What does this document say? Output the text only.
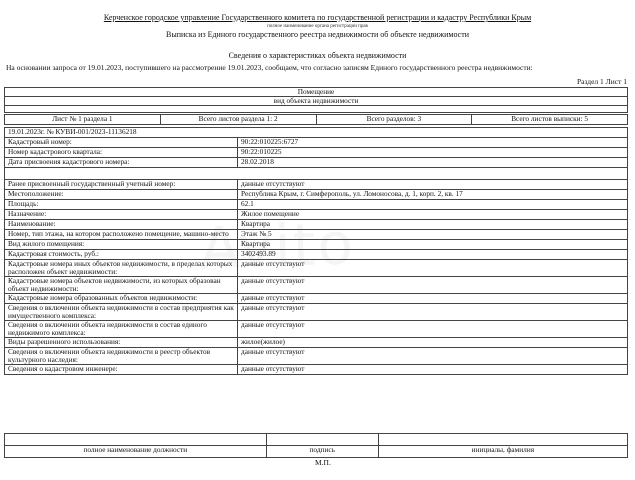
Керченское городское управление Государственного комитета по государственной регистрации и кадастру Республики Крым
полное наименование органа регистрации прав
Выписка из Единого государственного реестра недвижимости об объекте недвижимости
Сведения о характеристиках объекта недвижимости
На основании запроса от 19.01.2023, поступившего на рассмотрение 19.01.2023, сообщаем, что согласно записям Единого государственного реестра недвижимости:
Раздел 1 Лист 1
Помещение
вид объекта недвижимости

Лист № 1 раздела 1	Всего листов раздела 1: 2	Всего разделов: 3	Всего листов выписки: 5
19.01.2023г. № КУВИ-001/2023-11136218	
Кадастровый номер:	90:22:010225:6727
Номер кадастрового квартала:	90:22:010225
Дата присвоения кадастрового номера:	28.02.2018

Ранее присвоенный государственный учетный номер:	данные отсутствуют
Местоположение:	Республика Крым, г. Симферополь, ул. Ломоносова, д. 1, корп. 2, кв. 17
Площадь:	62.1
Назначение:	Жилое помещение
Наименование:	Квартира
Номер, тип этажа, на котором расположено помещение, машино-место	Этаж № 5
Вид жилого помещения:	Квартира
Кадастровая стоимость, руб.:	3402493.89
Кадастровые номера иных объектов недвижимости, в пределах которых расположен объект недвижимости:	данные отсутствуют
Кадастровые номера объектов недвижимости, из которых образован объект недвижимости:	данные отсутствуют
Кадастровые номера образованных объектов недвижимости:	данные отсутствуют
Сведения о включении объекта недвижимости в состав предприятия как имущественного комплекса:	данные отсутствуют
Сведения о включении объекта недвижимости в состав единого недвижимого комплекса:	данные отсутствуют
Виды разрешенного использования:	жилое(жилое)
Сведения о включении объекта недвижимости в реестр объектов культурного наследия:	данные отсутствуют
Сведения о кадастровом инженере:	данные отсутствуют

полное наименование должности	подпись	инициалы, фамилия
М.П.
